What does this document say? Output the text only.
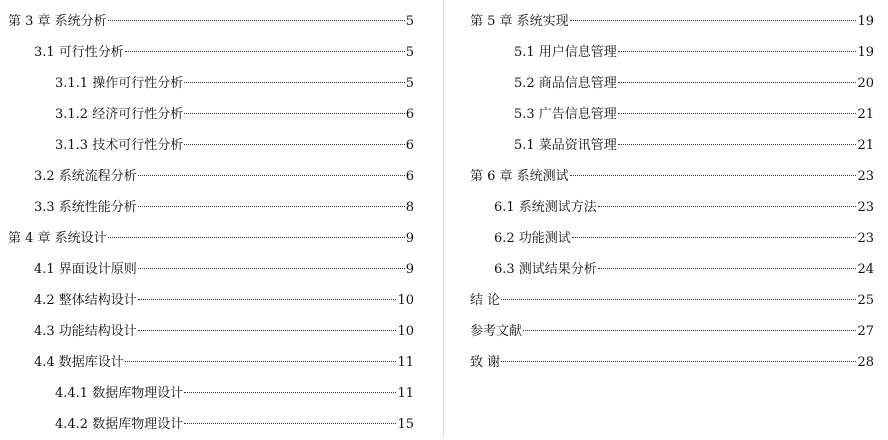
第 3 章 系统分析	5
3.1 可行性分析	5
3.1.1 操作可行性分析	5
3.1.2 经济可行性分析	6
3.1.3 技术可行性分析	6
3.2 系统流程分析	6
3.3 系统性能分析	8
第 4 章 系统设计	9
4.1 界面设计原则	9
4.2 整体结构设计	10
4.3 功能结构设计	10
4.4 数据库设计	11
4.4.1 数据库物理设计	11
4.4.2 数据库物理设计	15
第 5 章 系统实现	19
5.1 用户信息管理	19
5.2 商品信息管理	20
5.3 广告信息管理	21
5.1 菜品资讯管理	21
第 6 章 系统测试	23
6.1 系统测试方法	23
6.2 功能测试	23
6.3 测试结果分析	24
结 论	25
参考文献	27
致 谢	28
